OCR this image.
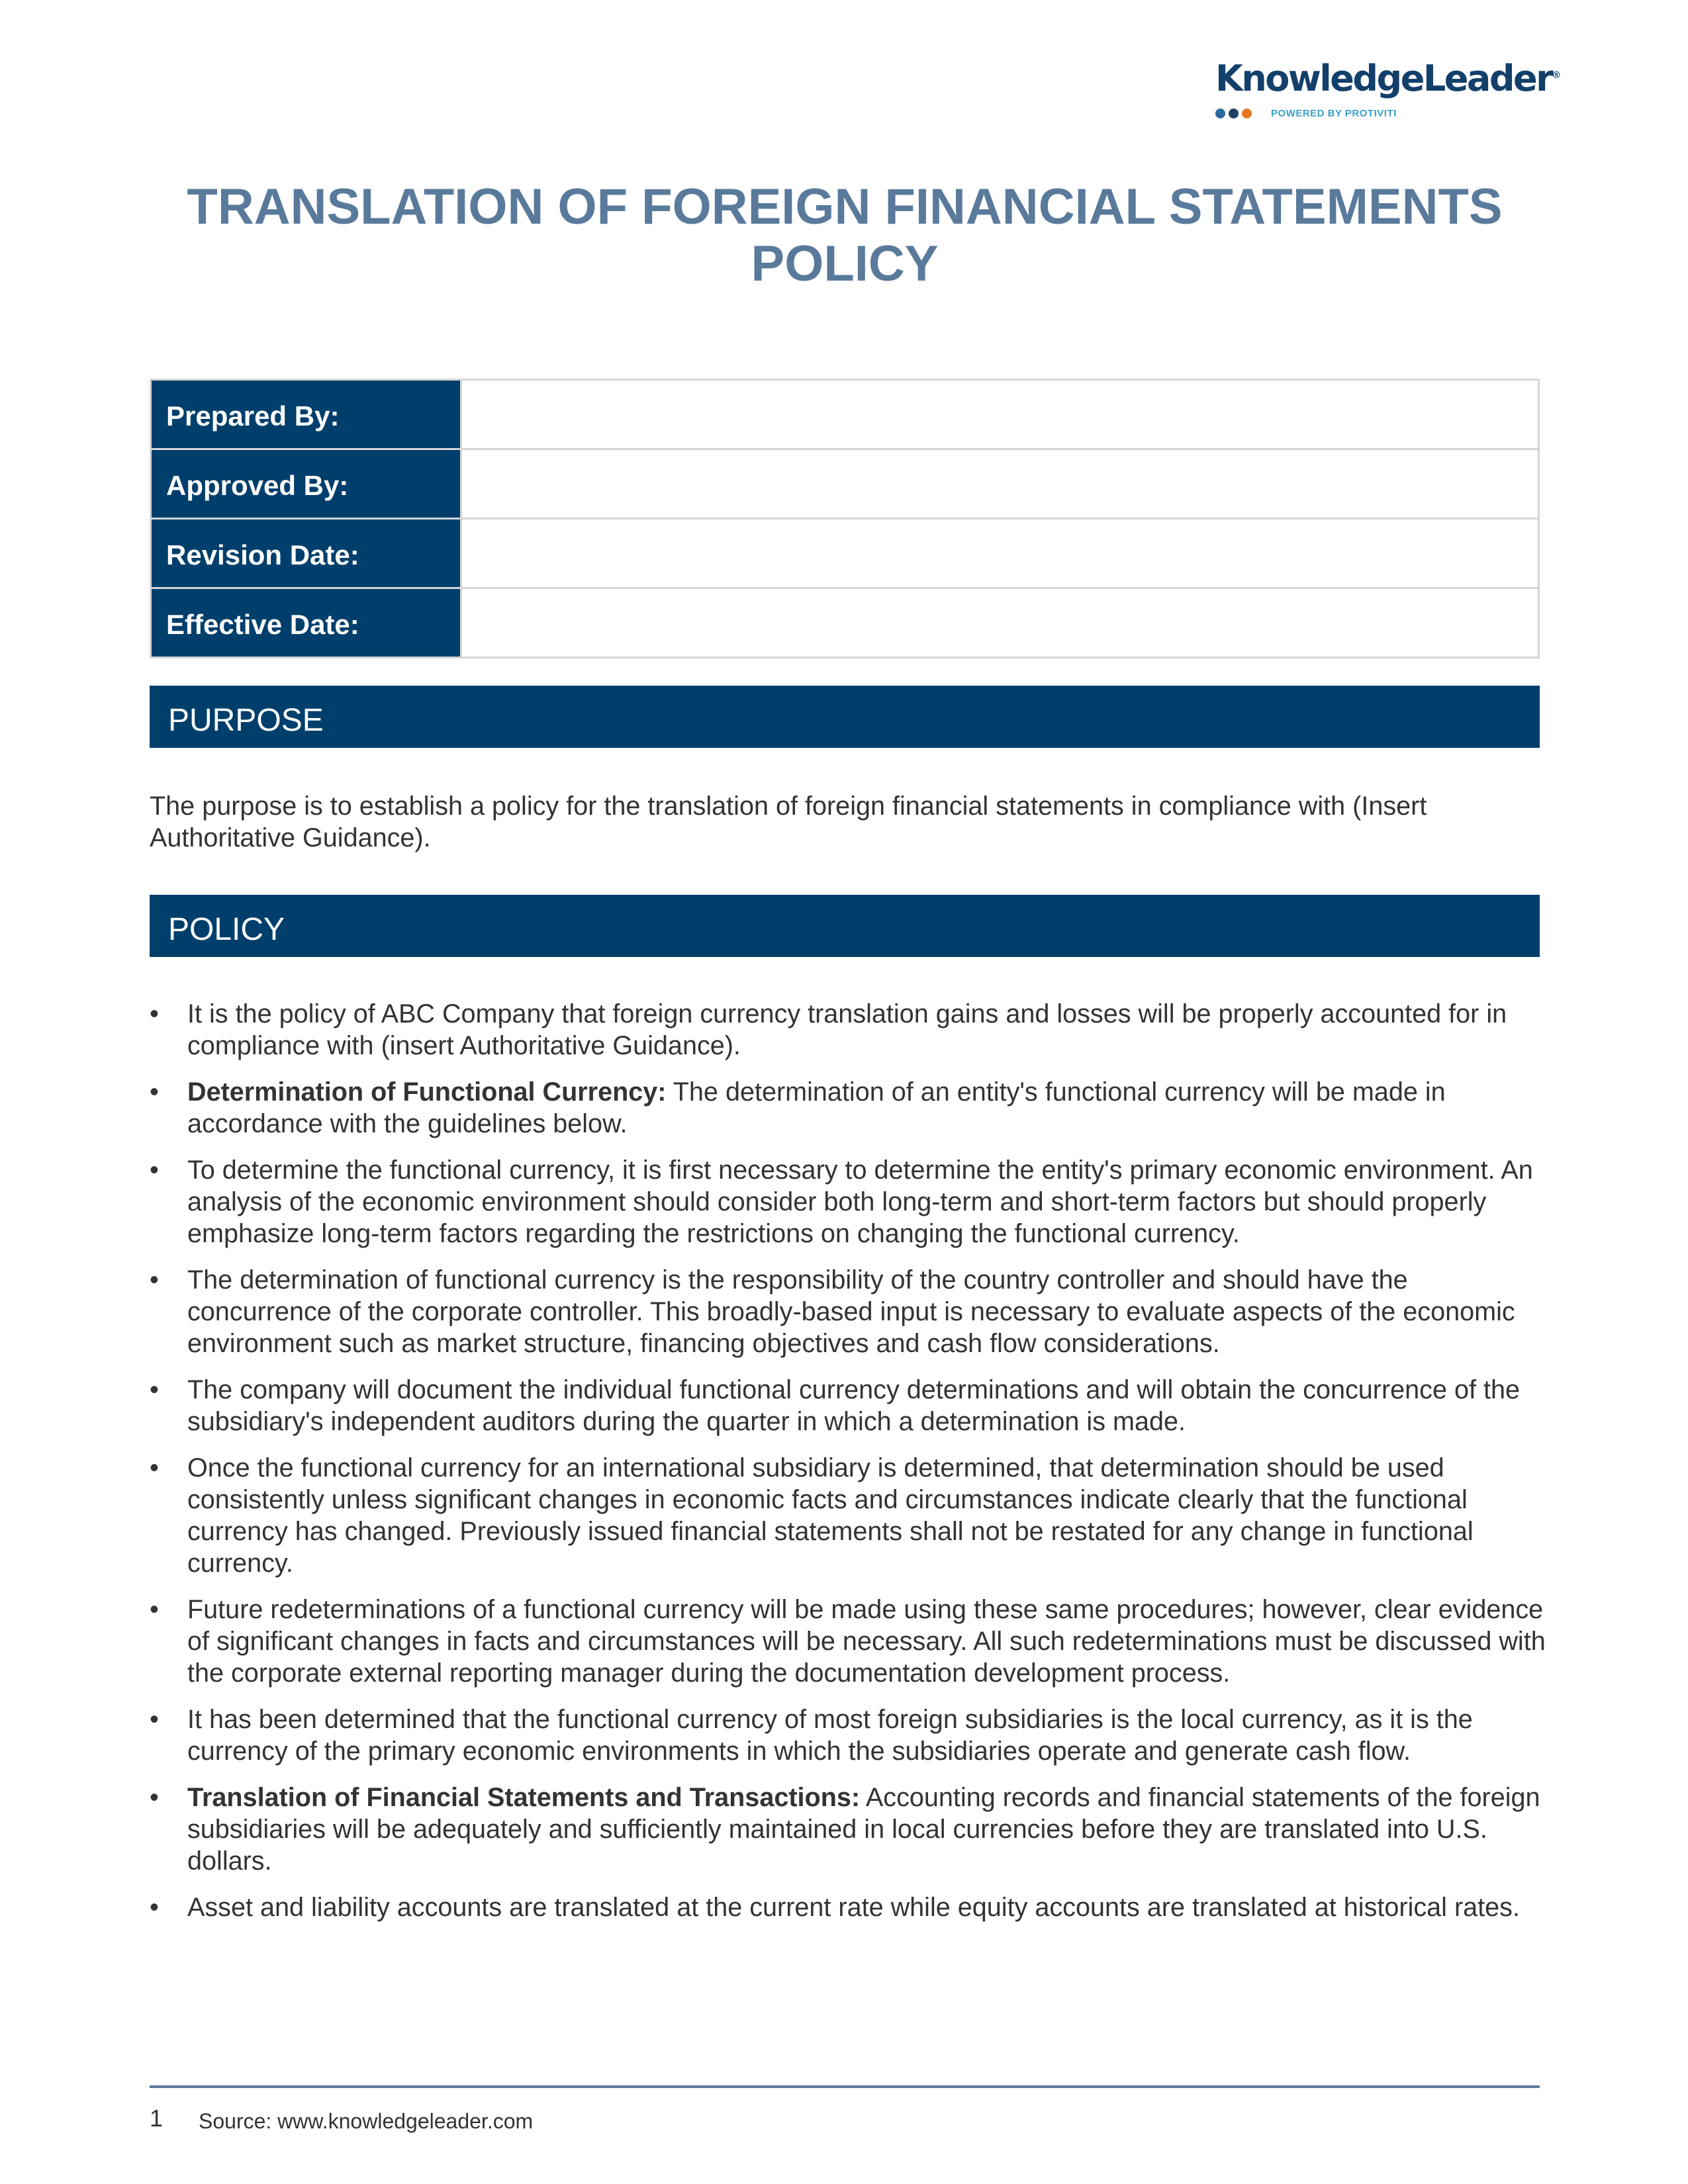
KnowledgeLeader®
POWERED BY PROTIVITI
TRANSLATION OF FOREIGN FINANCIAL STATEMENTS POLICY
Prepared By:	
Approved By:	
Revision Date:	
Effective Date:	
PURPOSE

The purpose is to establish a policy for the translation of foreign financial statements in compliance with (Insert Authoritative Guidance).

POLICY
• It is the policy of ABC Company that foreign currency translation gains and losses will be properly accounted for in compliance with (insert Authoritative Guidance).
• Determination of Functional Currency: The determination of an entity's functional currency will be made in accordance with the guidelines below.
• To determine the functional currency, it is first necessary to determine the entity's primary economic environment. An analysis of the economic environment should consider both long-term and short-term factors but should properly emphasize long-term factors regarding the restrictions on changing the functional currency.
• The determination of functional currency is the responsibility of the country controller and should have the concurrence of the corporate controller. This broadly-based input is necessary to evaluate aspects of the economic environment such as market structure, financing objectives and cash flow considerations.
• The company will document the individual functional currency determinations and will obtain the concurrence of the subsidiary's independent auditors during the quarter in which a determination is made.
• Once the functional currency for an international subsidiary is determined, that determination should be used consistently unless significant changes in economic facts and circumstances indicate clearly that the functional currency has changed. Previously issued financial statements shall not be restated for any change in functional currency.
• Future redeterminations of a functional currency will be made using these same procedures; however, clear evidence of significant changes in facts and circumstances will be necessary. All such redeterminations must be discussed with the corporate external reporting manager during the documentation development process.
• It has been determined that the functional currency of most foreign subsidiaries is the local currency, as it is the currency of the primary economic environments in which the subsidiaries operate and generate cash flow.
• Translation of Financial Statements and Transactions: Accounting records and financial statements of the foreign subsidiaries will be adequately and sufficiently maintained in local currencies before they are translated into U.S. dollars.
• Asset and liability accounts are translated at the current rate while equity accounts are translated at historical rates.
1 Source: www.knowledgeleader.com
